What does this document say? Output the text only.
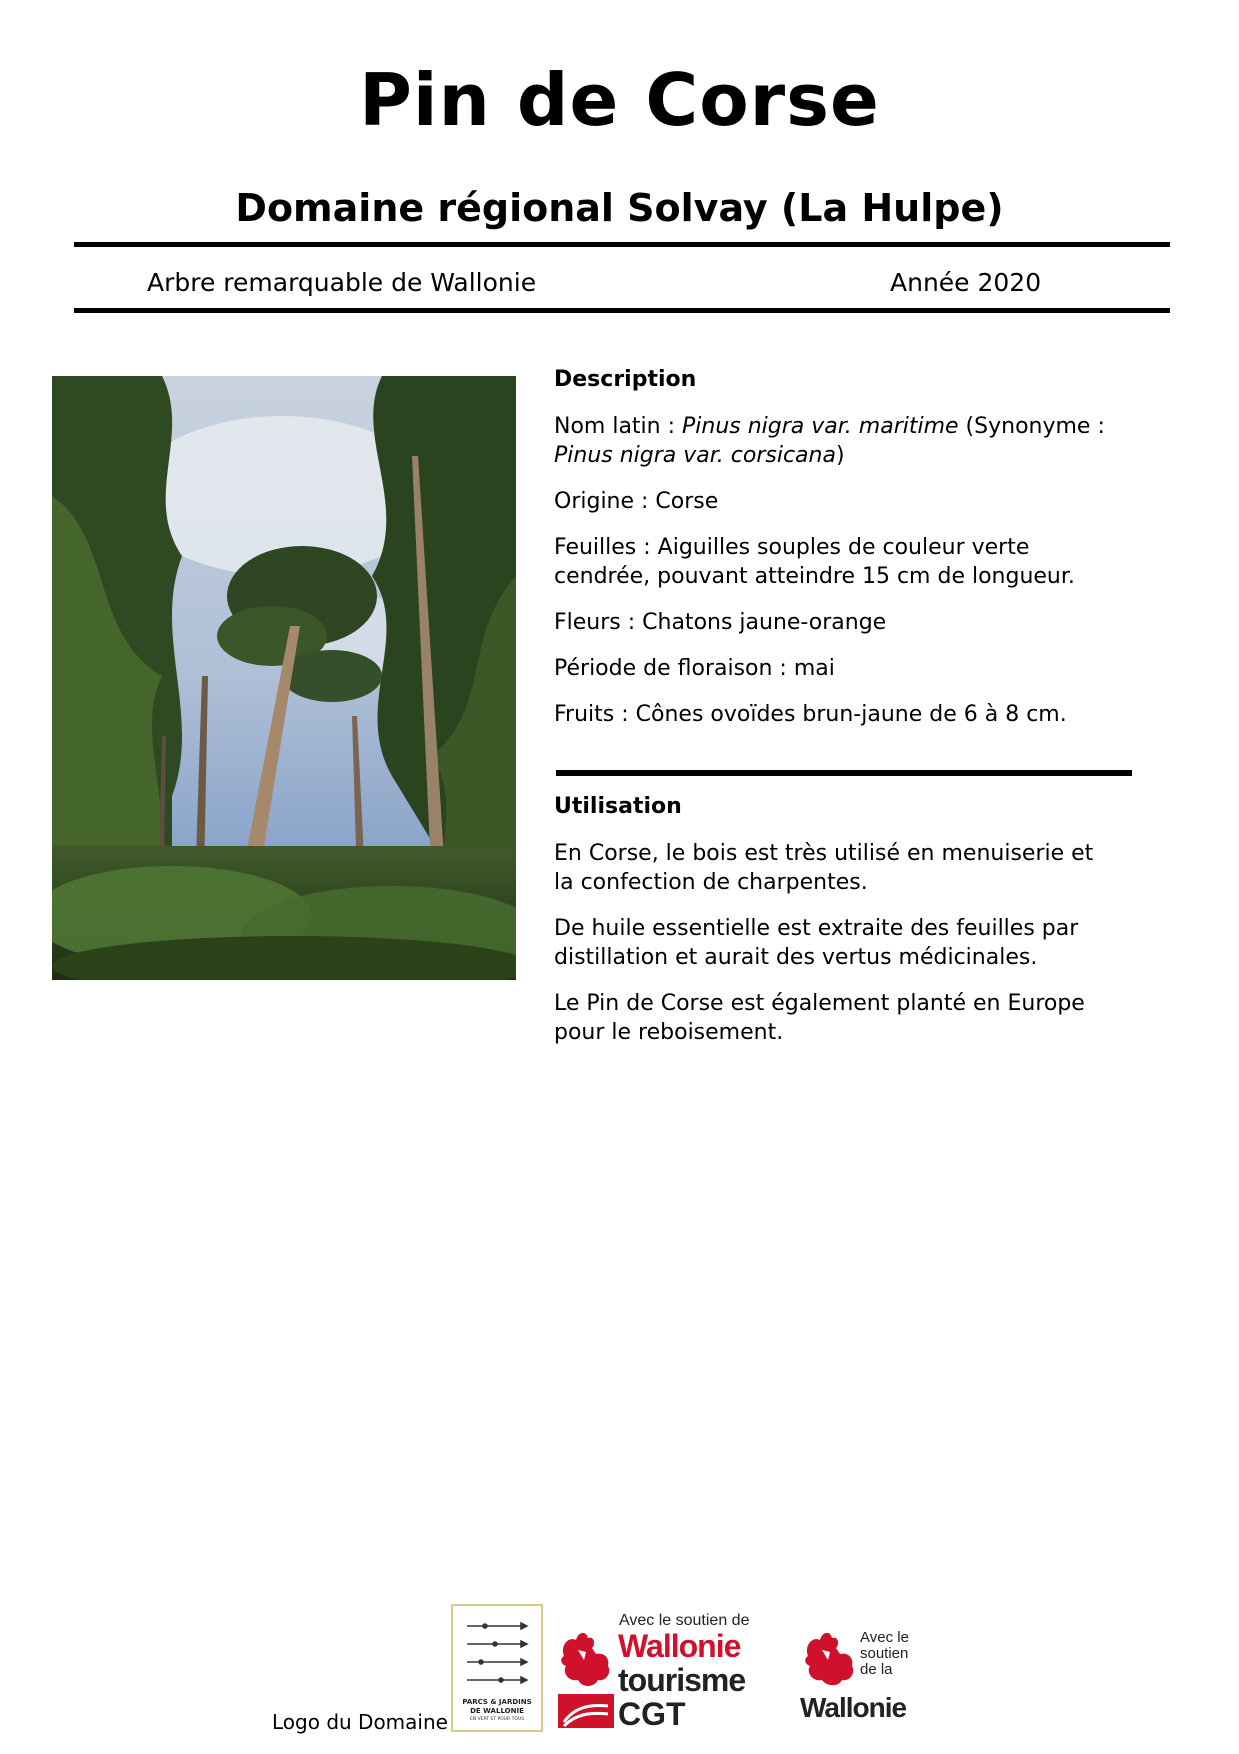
Pin de Corse
Domaine régional Solvay (La Hulpe)
Arbre remarquable de Wallonie	Année 2020
Description

Nom latin : Pinus nigra var. maritime (Synonyme : Pinus nigra var. corsicana)

Origine : Corse

Feuilles : Aiguilles souples de couleur verte cendrée, pouvant atteindre 15 cm de longueur.

Fleurs : Chatons jaune-orange

Période de floraison : mai

Fruits : Cônes ovoïdes brun-jaune de 6 à 8 cm.

Utilisation

En Corse, le bois est très utilisé en menuiserie et la confection de charpentes.

De huile essentielle est extraite des feuilles par distillation et aurait des vertus médicinales.

Le Pin de Corse est également planté en Europe pour le reboisement.

Logo du Domaine
PARCS & JARDINS
DE WALLONIE
EN VERT ET POUR TOUS
Avec le soutien de
Wallonie
tourisme
CGT
Avec le
soutien
de la
Wallonie
